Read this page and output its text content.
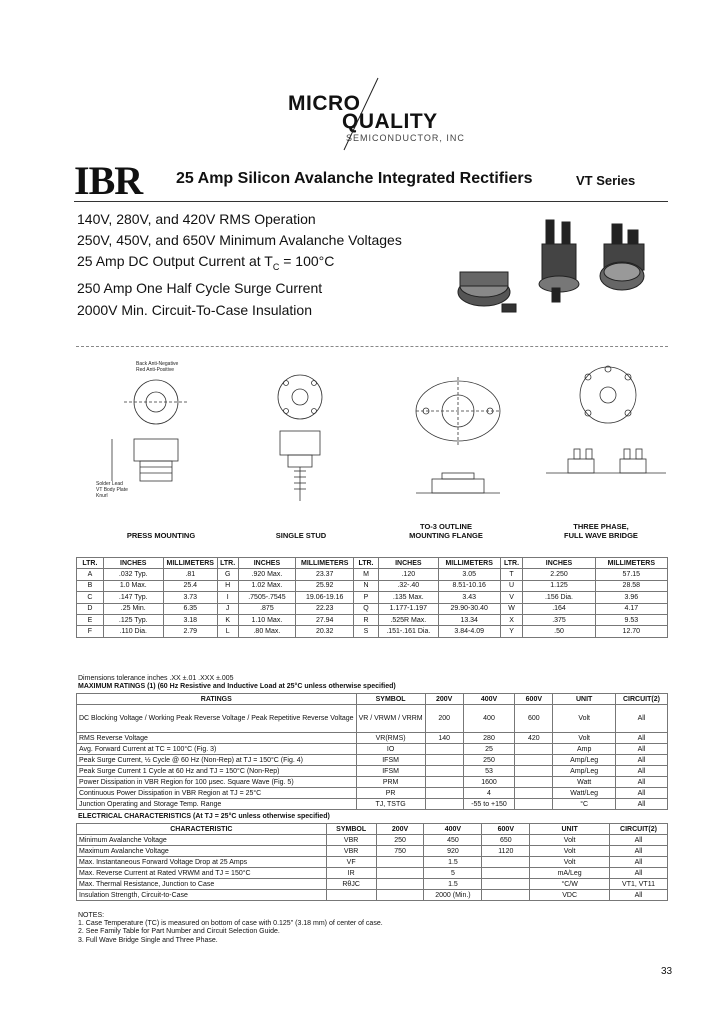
MICRO
QUALITY
SEMICONDUCTOR, INC
IBR 25 Amp Silicon Avalanche Integrated Rectifiers	VT Series
140V, 280V, and 420V RMS Operation
250V, 450V, and 650V Minimum Avalanche Voltages
25 Amp DC Output Current at $T_C = 100^\circ C$
250 Amp One Half Cycle Surge Current
2000V Min. Circuit-To-Case Insulation
Back Anti-Negative
Red Anti-Positive
Solder Lead
VT Body Plate
Knurl
PRESS MOUNTING	SINGLE STUD
TO-3 OUTLINE
MOUNTING FLANGE
THREE PHASE,
FULL WAVE BRIDGE
LTR.	INCHES	MILLIMETERS	LTR.	INCHES	MILLIMETERS	LTR.	INCHES	MILLIMETERS	LTR.	INCHES	MILLIMETERS
A	.032 Typ.	.81	G	.920 Max.	23.37	M	.120	3.05	T	2.250	57.15
B	1.0 Max.	25.4	H	1.02 Max.	25.92	N	.32-.40	8.51-10.16	U	1.125	28.58
C	.147 Typ.	3.73	I	.7505-.7545	19.06-19.16	P	.135 Max.	3.43	V	.156 Dia.	3.96
D	.25 Min.	6.35	J	.875	22.23	Q	1.177-1.197	29.90-30.40	W	.164	4.17
E	.125 Typ.	3.18	K	1.10 Max.	27.94	R	.525R Max.	13.34	X	.375	9.53
F	.110 Dia.	2.79	L	.80 Max.	20.32	S	.151-.161 Dia.	3.84-4.09	Y	.50	12.70
Dimensions tolerance inches .XX ±.01 .XXX ±.005
MAXIMUM RATINGS (1) (60 Hz Resistive and Inductive Load at 25°C unless otherwise specified)
RATINGS	SYMBOL	200V	400V	600V	UNIT	CIRCUIT(2)
DC Blocking Voltage / Working Peak Reverse Voltage / Peak Repetitive Reverse Voltage	VR / VRWM / VRRM	200	400	600	Volt	All
RMS Reverse Voltage	VR(RMS)	140	280	420	Volt	All
Avg. Forward Current at TC = 100°C (Fig. 3)	IO		25		Amp	All
Peak Surge Current, ½ Cycle @ 60 Hz (Non-Rep) at TJ = 150°C (Fig. 4)	IFSM		250		Amp/Leg	All
Peak Surge Current 1 Cycle at 60 Hz and TJ = 150°C (Non-Rep)	IFSM		53		Amp/Leg	All
Power Dissipation in VBR Region for 100 μsec. Square Wave (Fig. 5)	PRM		1600		Watt	All
Continuous Power Dissipation in VBR Region at TJ = 25°C	PR		4		Watt/Leg	All
Junction Operating and Storage Temp. Range	TJ, TSTG		-55 to +150		°C	All
ELECTRICAL CHARACTERISTICS (At TJ = 25°C unless otherwise specified)
CHARACTERISTIC	SYMBOL	200V	400V	600V	UNIT	CIRCUIT(2)
Minimum Avalanche Voltage	VBR	250	450	650	Volt	All
Maximum Avalanche Voltage	VBR	750	920	1120	Volt	All
Max. Instantaneous Forward Voltage Drop at 25 Amps	VF		1.5		Volt	All
Max. Reverse Current at Rated VRWM and TJ = 150°C	IR		5		mA/Leg	All
Max. Thermal Resistance, Junction to Case	RθJC		1.5		°C/W	VT1, VT11
Insulation Strength, Circuit-to-Case			2000 (Min.)		VDC	All
NOTES:
1. Case Temperature (TC) is measured on bottom of case with 0.125" (3.18 mm) of center of case.
2. See Family Table for Part Number and Circuit Selection Guide.
3. Full Wave Bridge Single and Three Phase.
33
